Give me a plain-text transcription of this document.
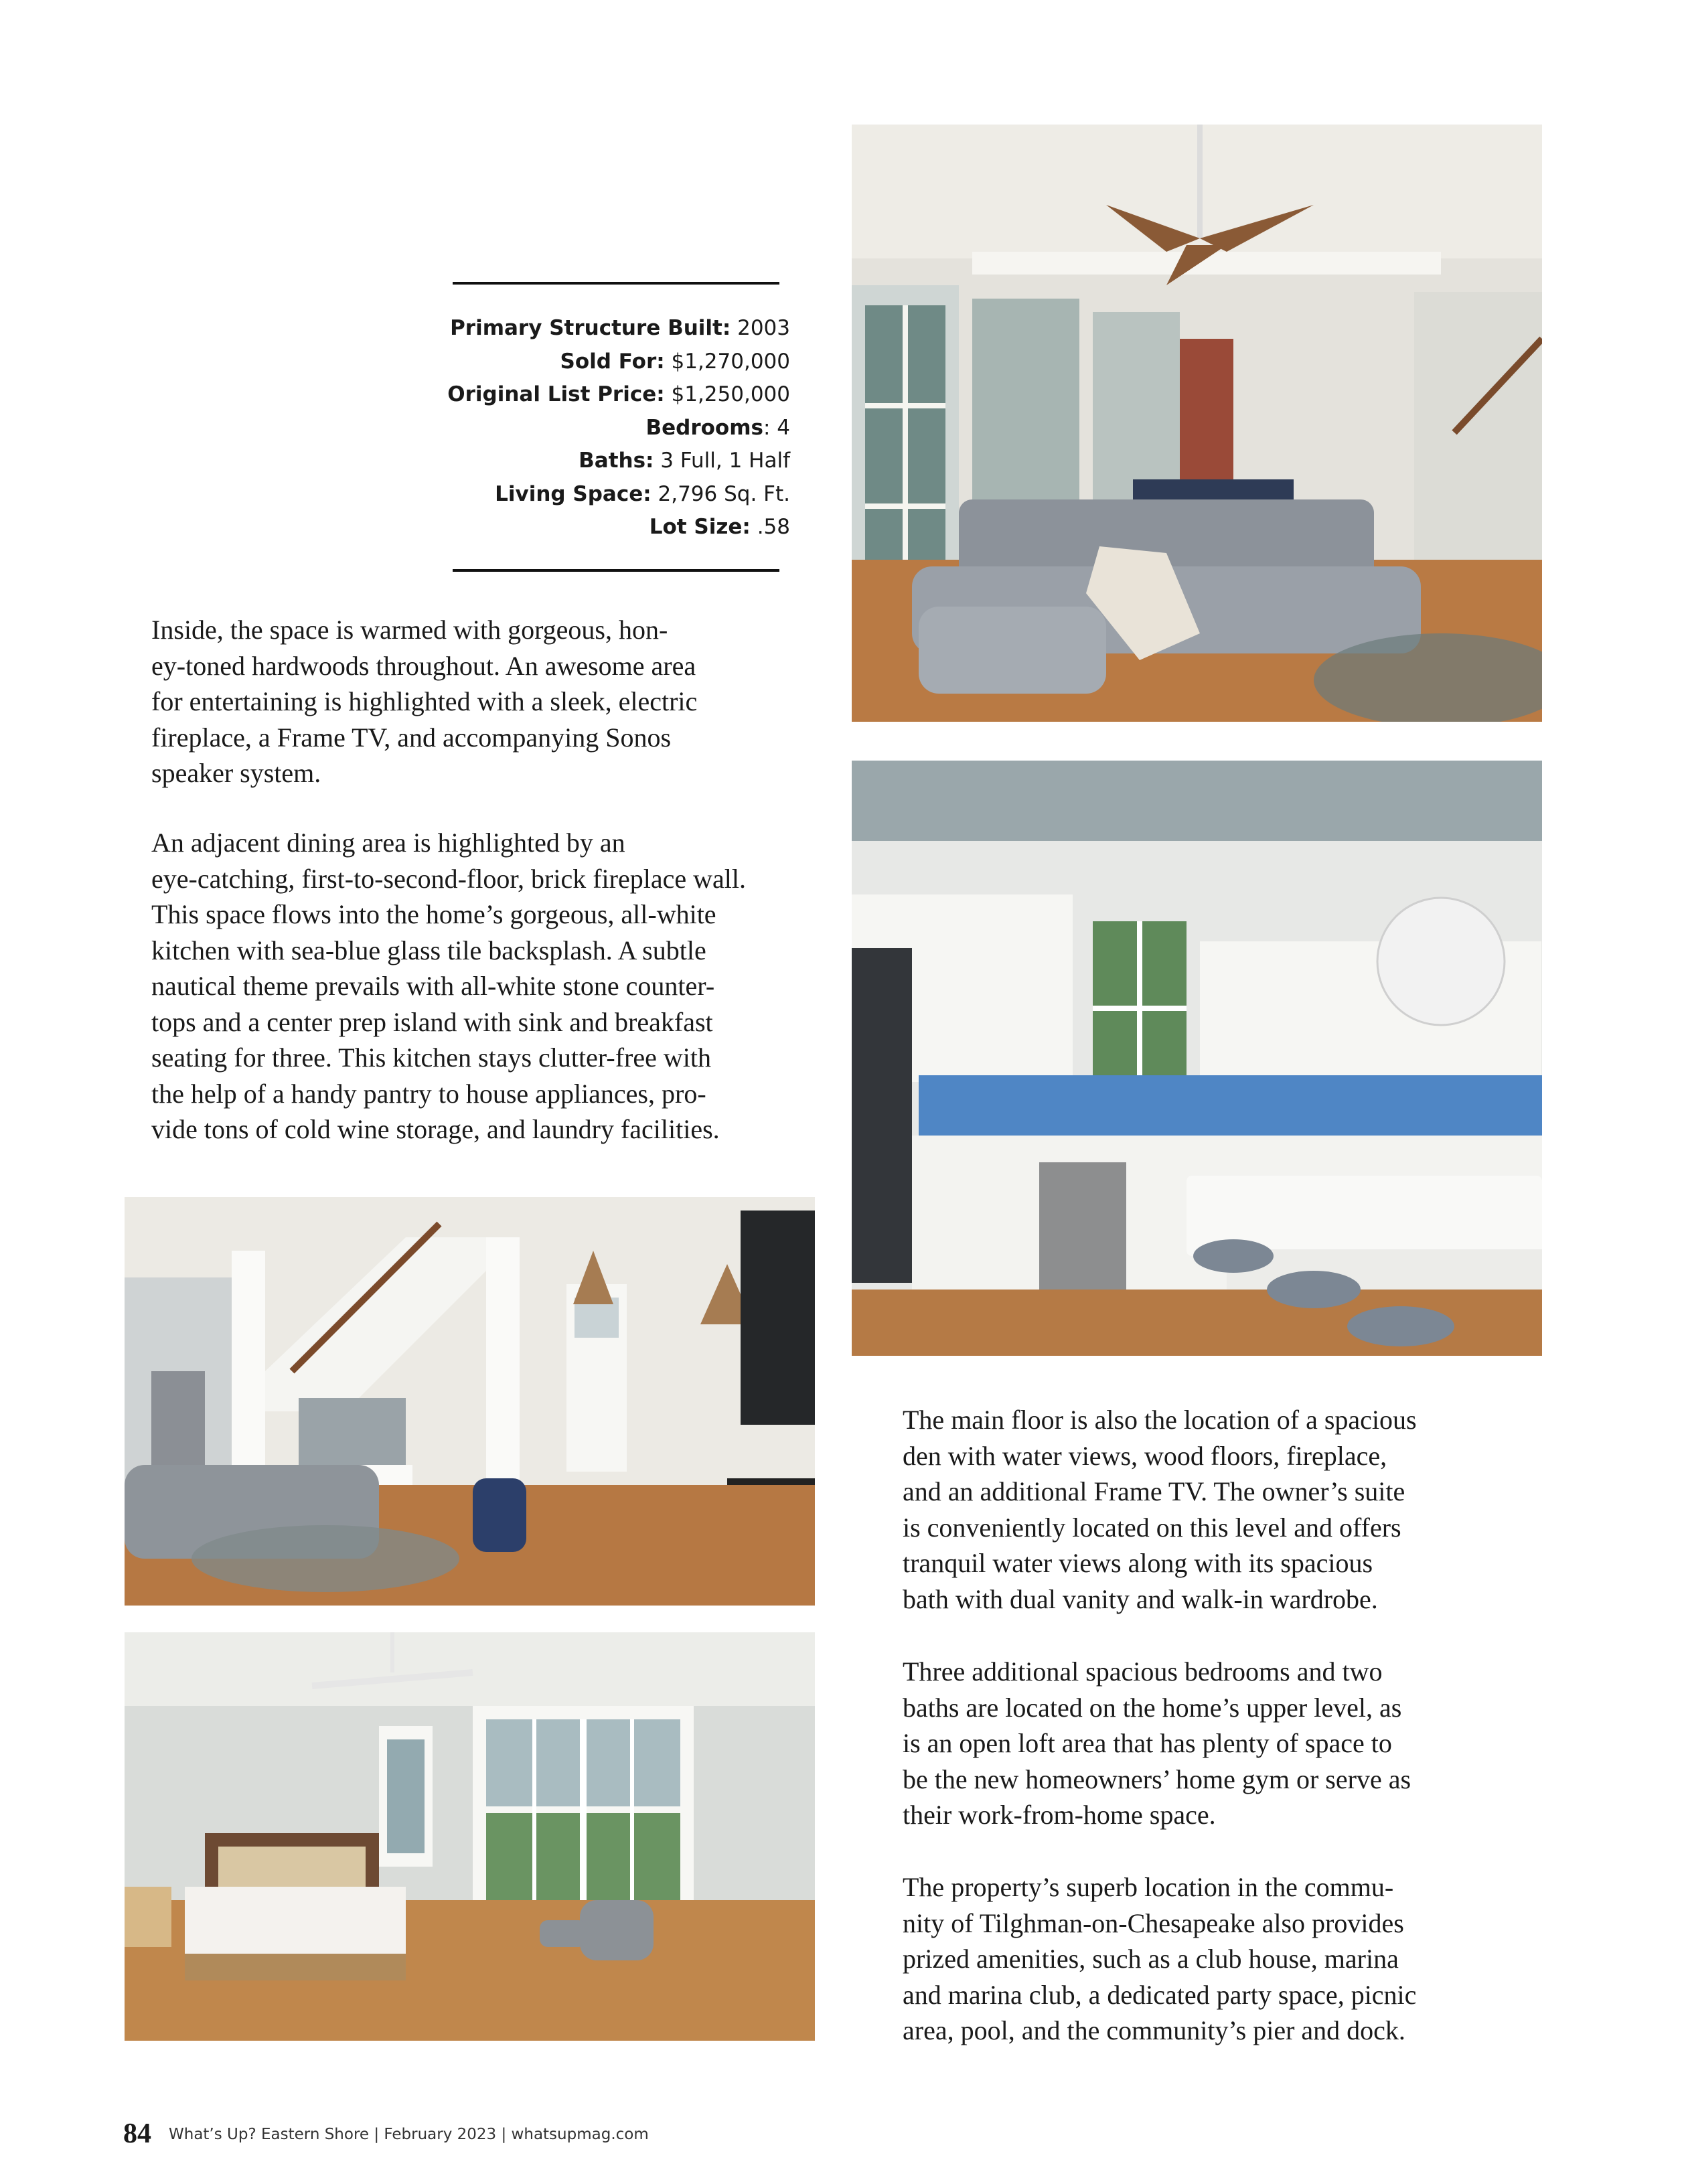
Primary Structure Built: 2003
Sold For: $1,270,000
Original List Price: $1,250,000
Bedrooms: 4
Baths: 3 Full, 1 Half
Living Space: 2,796 Sq. Ft.
Lot Size: .58
Inside, the space is warmed with gorgeous, hon-
ey-toned hardwoods throughout. An awesome area
for entertaining is highlighted with a sleek, electric
fireplace, a Frame TV, and accompanying Sonos
speaker system.
An adjacent dining area is highlighted by an
eye-catching, first-to-second-floor, brick fireplace wall.
This space flows into the home’s gorgeous, all-white
kitchen with sea-blue glass tile backsplash. A subtle
nautical theme prevails with all-white stone counter-
tops and a center prep island with sink and breakfast
seating for three. This kitchen stays clutter-free with
the help of a handy pantry to house appliances, pro-
vide tons of cold wine storage, and laundry facilities.
The main floor is also the location of a spacious
den with water views, wood floors, fireplace,
and an additional Frame TV. The owner’s suite
is conveniently located on this level and offers
tranquil water views along with its spacious
bath with dual vanity and walk-in wardrobe.
Three additional spacious bedrooms and two
baths are located on the home’s upper level, as
is an open loft area that has plenty of space to
be the new homeowners’ home gym or serve as
their work-from-home space.
The property’s superb location in the commu-
nity of Tilghman-on-Chesapeake also provides
prized amenities, such as a club house, marina
and marina club, a dedicated party space, picnic
area, pool, and the community’s pier and dock.
84 What’s Up? Eastern Shore | February 2023 | whatsupmag.com
